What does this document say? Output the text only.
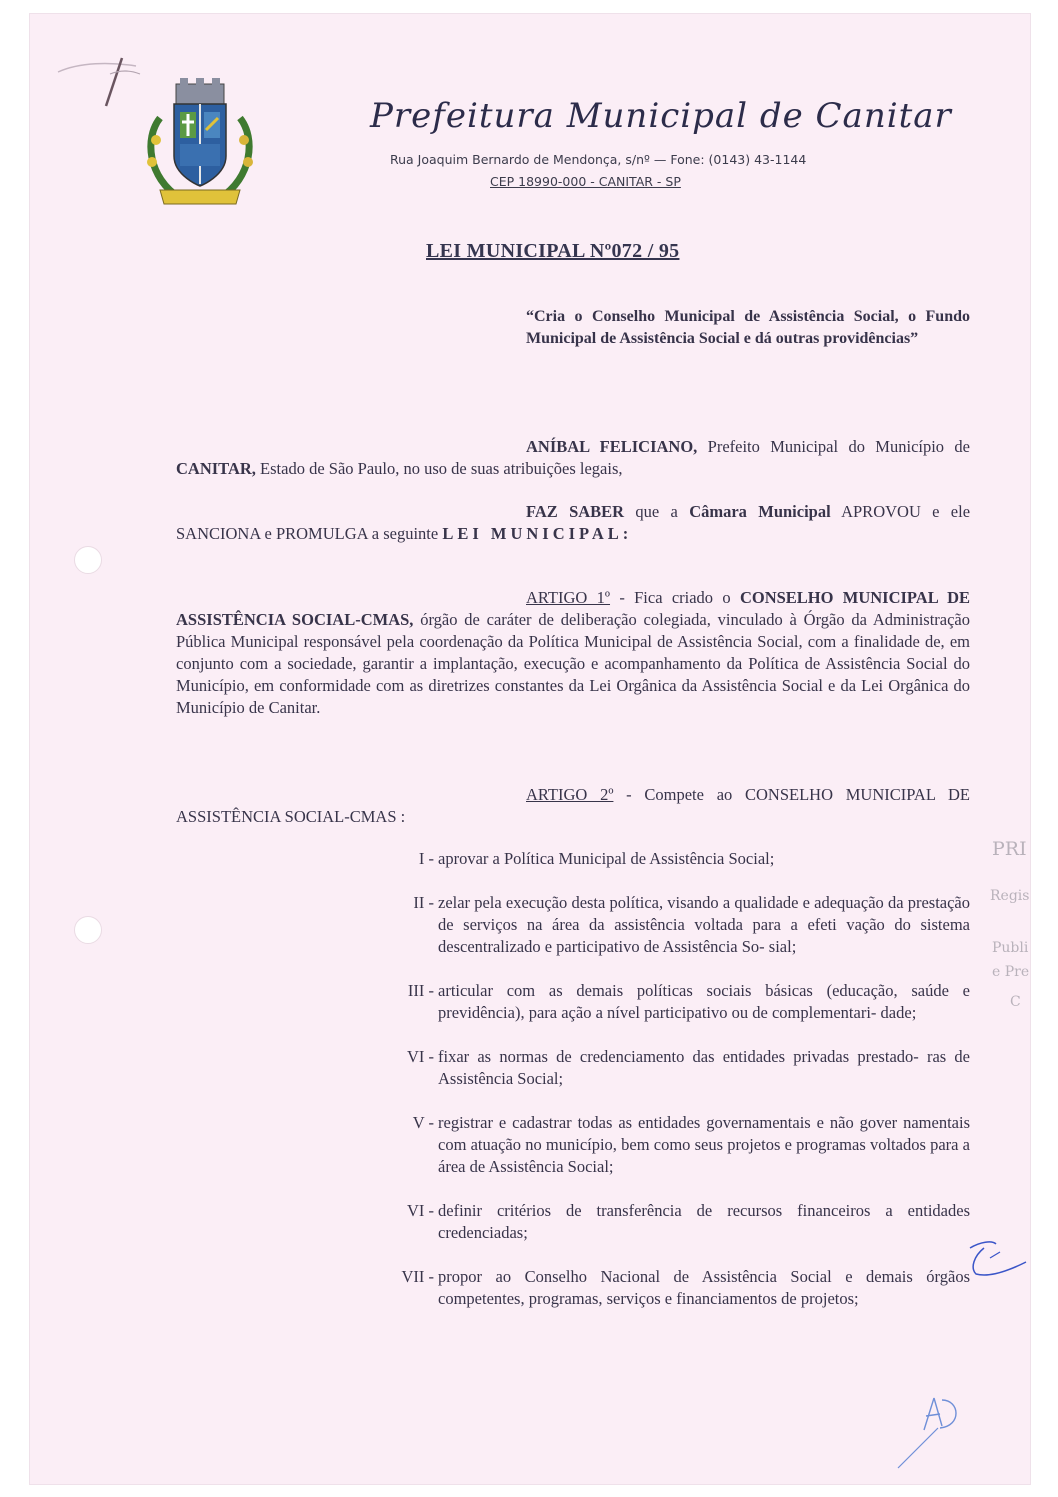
Prefeitura Municipal de Canitar
Rua Joaquim Bernardo de Mendonça, s/nº — Fone: (0143) 43-1144
CEP 18990-000 - CANITAR - SP
LEI MUNICIPAL Nº072 / 95
“Cria o Conselho Municipal de Assistência Social, o Fundo Municipal de Assistência Social e dá outras providências”
ANÍBAL FELICIANO, Prefeito Municipal do Município de CANITAR, Estado de São Paulo, no uso de suas atribuições legais,
FAZ SABER que a Câmara Municipal APROVOU e ele SANCIONA e PROMULGA a seguinte LEI MUNICIPAL:
ARTIGO 1º - Fica criado o CONSELHO MUNICIPAL DE ASSISTÊNCIA SOCIAL-CMAS, órgão de caráter de deliberação colegiada, vinculado à Órgão da Administração Pública Municipal responsável pela coordenação da Política Municipal de Assistência Social, com a finalidade de, em conjunto com a sociedade, garantir a implantação, execução e acompanhamento da Política de Assistência Social do Município, em conformidade com as diretrizes constantes da Lei Orgânica da Assistência Social e da Lei Orgânica do Município de Canitar.
ARTIGO 2º - Compete ao CONSELHO MUNICIPAL DE ASSISTÊNCIA SOCIAL-CMAS :
I - aprovar a Política Municipal de Assistência Social;
II - zelar pela execução desta política, visando a qualidade e adequação da prestação de serviços na área da assistência voltada para a efeti vação do sistema descentralizado e participativo de Assistência So- sial;
III - articular com as demais políticas sociais básicas (educação, saúde e previdência), para ação a nível participativo ou de complementari- dade;
VI - fixar as normas de credenciamento das entidades privadas prestado- ras de Assistência Social;
V - registrar e cadastrar todas as entidades governamentais e não gover namentais com atuação no município, bem como seus projetos e programas voltados para a área de Assistência Social;
VI - definir critérios de transferência de recursos financeiros a entidades credenciadas;
VII - propor ao Conselho Nacional de Assistência Social e demais órgãos competentes, programas, serviços e financiamentos de projetos;
PRI
Regis
Publi
e Pre
C
